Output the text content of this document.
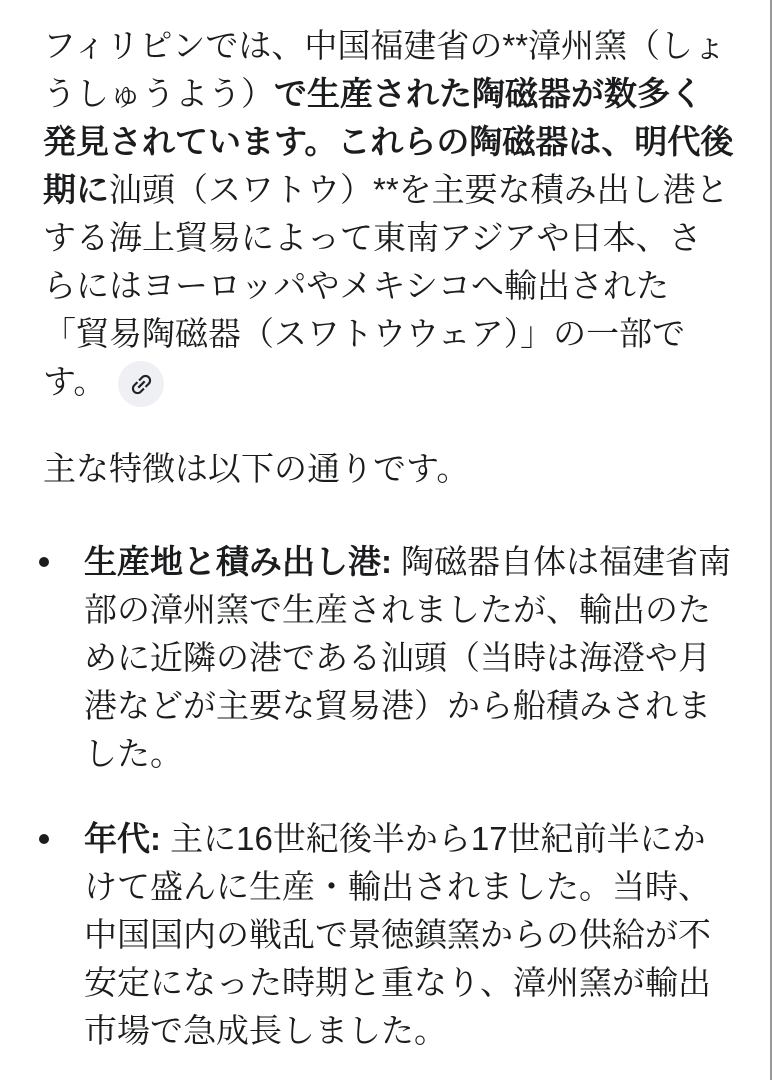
フィリピンでは、中国福建省の**漳州窯（しょうしゅうよう）で生産された陶磁器が数多く発見されています。これらの陶磁器は、明代後期に汕頭（スワトウ）**を主要な積み出し港とする海上貿易によって東南アジアや日本、さらにはヨーロッパやメキシコへ輸出された「貿易陶磁器（スワトウウェア）」の一部です。

主な特徴は以下の通りです。

生産地と積み出し港: 陶磁器自体は福建省南部の漳州窯で生産されましたが、輸出のために近隣の港である汕頭（当時は海澄や月港などが主要な貿易港）から船積みされました。
年代: 主に16世紀後半から17世紀前半にかけて盛んに生産・輸出されました。当時、中国国内の戦乱で景徳鎮窯からの供給が不安定になった時期と重なり、漳州窯が輸出市場で急成長しました。
